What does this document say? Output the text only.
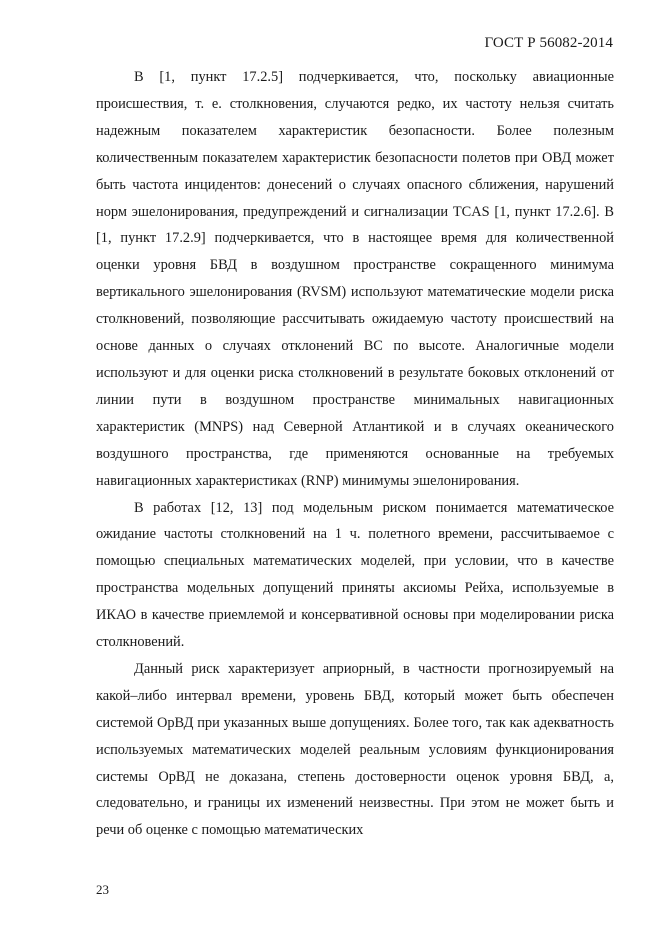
ГОСТ Р 56082-2014

В [1, пункт 17.2.5] подчеркивается, что, поскольку авиационные происшествия, т. е. столкновения, случаются редко, их частоту нельзя считать надежным показателем характеристик безопасности. Более полезным количественным показателем характеристик безопасности полетов при ОВД может быть частота инцидентов: донесений о случаях опасного сближения, нарушений норм эшелонирования, предупреждений и сигнализации TCAS [1, пункт 17.2.6]. В [1, пункт 17.2.9] подчеркивается, что в настоящее время для количественной оценки уровня БВД в воздушном пространстве сокращенного минимума вертикального эшелонирования (RVSM) используют математические модели риска столкновений, позволяющие рассчитывать ожидаемую частоту происшествий на основе данных о случаях отклонений ВС по высоте. Аналогичные модели используют и для оценки риска столкновений в результате боковых отклонений от линии пути в воздушном пространстве минимальных навигационных характеристик (MNPS) над Северной Атлантикой и в случаях океанического воздушного пространства, где применяются основанные на требуемых навигационных характеристиках (RNP) минимумы эшелонирования.

В работах [12, 13] под модельным риском понимается математическое ожидание частоты столкновений на 1 ч. полетного времени, рассчитываемое с помощью специальных математических моделей, при условии, что в качестве пространства модельных допущений приняты аксиомы Рейха, используемые в ИКАО в качестве приемлемой и консервативной основы при моделировании риска столкновений.

Данный риск характеризует априорный, в частности прогнозируемый на какой–либо интервал времени, уровень БВД, который может быть обеспечен системой ОрВД при указанных выше допущениях. Более того, так как адекватность используемых математических моделей реальным условиям функционирования системы ОрВД не доказана, степень достоверности оценок уровня БВД, а, следовательно, и границы их изменений неизвестны. При этом не может быть и речи об оценке с помощью математических

23
